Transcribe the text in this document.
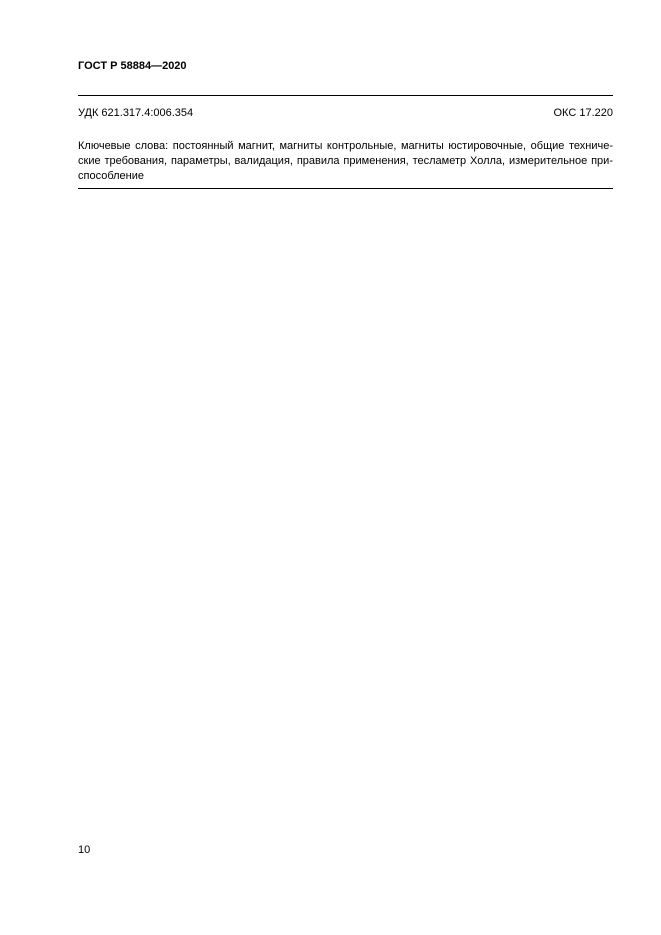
ГОСТ Р 58884—2020
УДК 621.317.4:006.354	ОКС 17.220
Ключевые слова: постоянный магнит, магниты контрольные, магниты юстировочные, общие техниче-
ские требования, параметры, валидация, правила применения, тесламетр Холла, измерительное при-
способление
10
